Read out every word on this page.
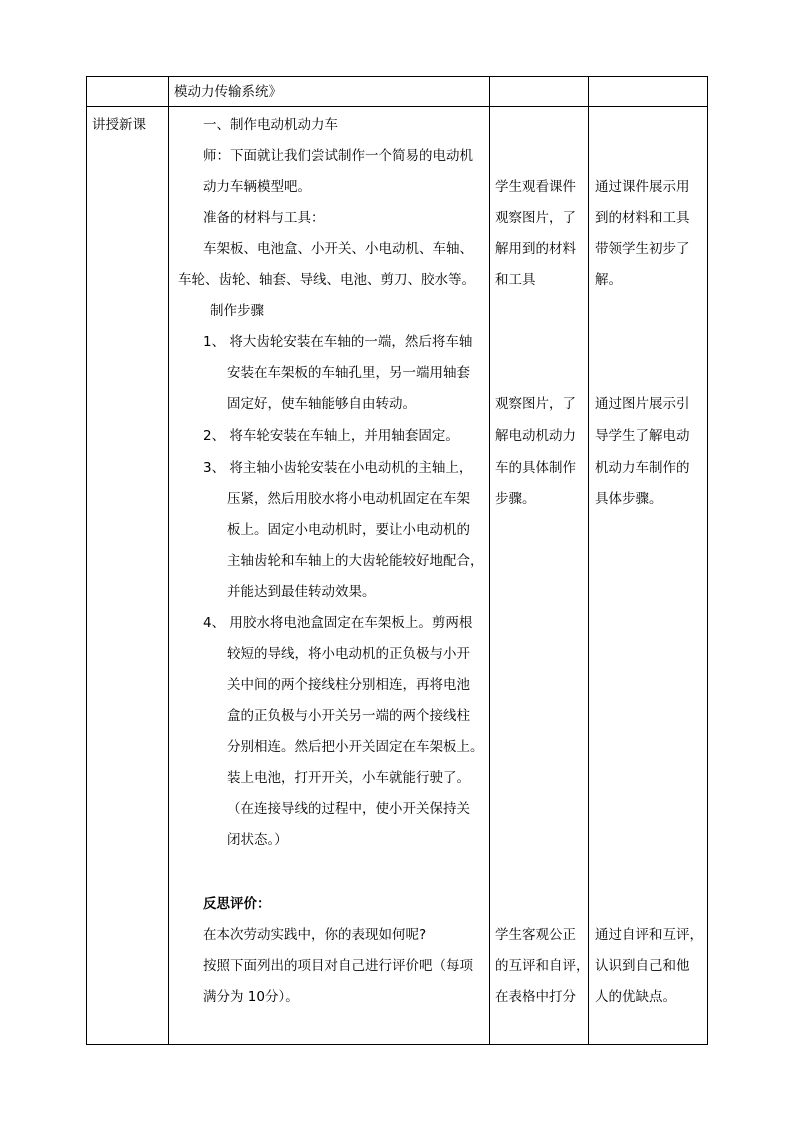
模动力传输系统》
讲授新课	一、制作电动机动力车
师：下面就让我们尝试制作一个简易的电动机
动力车辆模型吧。
准备的材料与工具：
车架板、电池盒、小开关、小电动机、车轴、
车轮、齿轮、轴套、导线、电池、剪刀、胶水等。
制作步骤
1、 将大齿轮安装在车轴的一端，然后将车轴
安装在车架板的车轴孔里，另一端用轴套
固定好，使车轴能够自由转动。
2、 将车轮安装在车轴上，并用轴套固定。
3、 将主轴小齿轮安装在小电动机的主轴上，
压紧，然后用胶水将小电动机固定在车架
板上。固定小电动机时，要让小电动机的
主轴齿轮和车轴上的大齿轮能较好地配合，
并能达到最佳转动效果。
4、 用胶水将电池盒固定在车架板上。剪两根
较短的导线，将小电动机的正负极与小开
关中间的两个接线柱分别相连，再将电池
盒的正负极与小开关另一端的两个接线柱
分别相连。然后把小开关固定在车架板上。
装上电池，打开开关，小车就能行驶了。
（在连接导线的过程中，使小开关保持关
闭状态。）
反思评价：
在本次劳动实践中，你的表现如何呢?
按照下面列出的项目对自己进行评价吧（每项
满分为 10分）。
学生观看课件
观察图片，了
解用到的材料
和工具
观察图片，了
解电动机动力
车的具体制作
步骤。
学生客观公正
的互评和自评，
在表格中打分
通过课件展示用
到的材料和工具
带领学生初步了
解。
通过图片展示引
导学生了解电动
机动力车制作的
具体步骤。
通过自评和互评，
认识到自己和他
人的优缺点。
